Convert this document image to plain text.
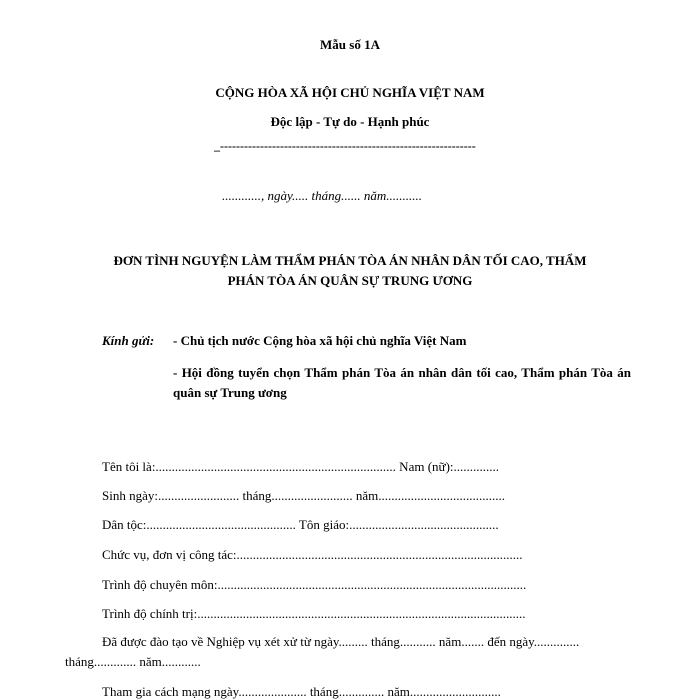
Mẫu số 1A
CỘNG HÒA XÃ HỘI CHỦ NGHĨA VIỆT NAM
Độc lập - Tự do - Hạnh phúc
_----------------------------------------------------------------
............, ngày..... tháng...... năm...........
ĐƠN TÌNH NGUYỆN LÀM THẨM PHÁN TÒA ÁN NHÂN DÂN TỐI CAO, THẨM
PHÁN TÒA ÁN QUÂN SỰ TRUNG ƯƠNG
Kính gửi: - Chủ tịch nước Cộng hòa xã hội chủ nghĩa Việt Nam
- Hội đồng tuyển chọn Thẩm phán Tòa án nhân dân tối cao, Thẩm phán Tòa án quân sự Trung ương
Tên tôi là:.......................................................................... Nam (nữ):..............
Sinh ngày:......................... tháng......................... năm.......................................
Dân tộc:.............................................. Tôn giáo:..............................................
Chức vụ, đơn vị công tác:........................................................................................
Trình độ chuyên môn:...............................................................................................
Trình độ chính trị:.....................................................................................................
Đã được đào tạo về Nghiệp vụ xét xử từ ngày......... tháng........... năm....... đến ngày..............
tháng............. năm............
Tham gia cách mạng ngày..................... tháng.............. năm............................
